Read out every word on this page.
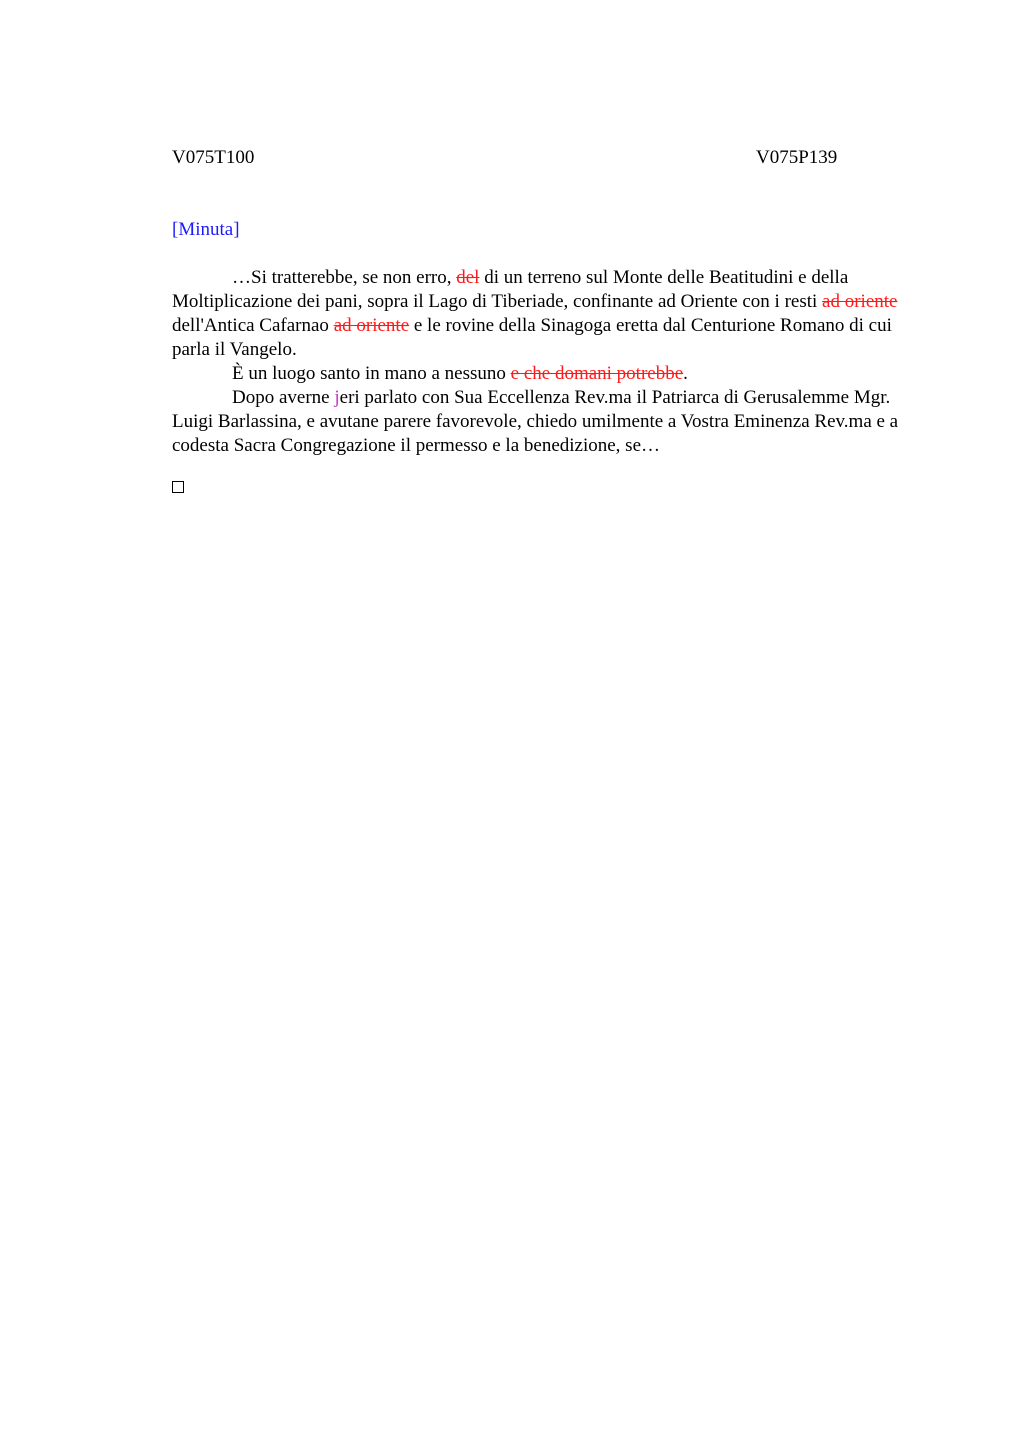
V075T100	V075P139
[Minuta]

…Si tratterebbe, se non erro, del di un terreno sul Monte delle Beatitudini e della Moltiplicazione dei pani, sopra il Lago di Tiberiade, confinante ad Oriente con i resti ad oriente dell'Antica Cafarnao ad oriente e le rovine della Sinagoga eretta dal Centurione Romano di cui parla il Vangelo.

È un luogo santo in mano a nessuno e che domani potrebbe.

Dopo averne jeri parlato con Sua Eccellenza Rev.ma il Patriarca di Gerusalemme Mgr. Luigi Barlassina, e avutane parere favorevole, chiedo umilmente a Vostra Eminenza Rev.ma e a codesta Sacra Congregazione il permesso e la benedizione, se…
